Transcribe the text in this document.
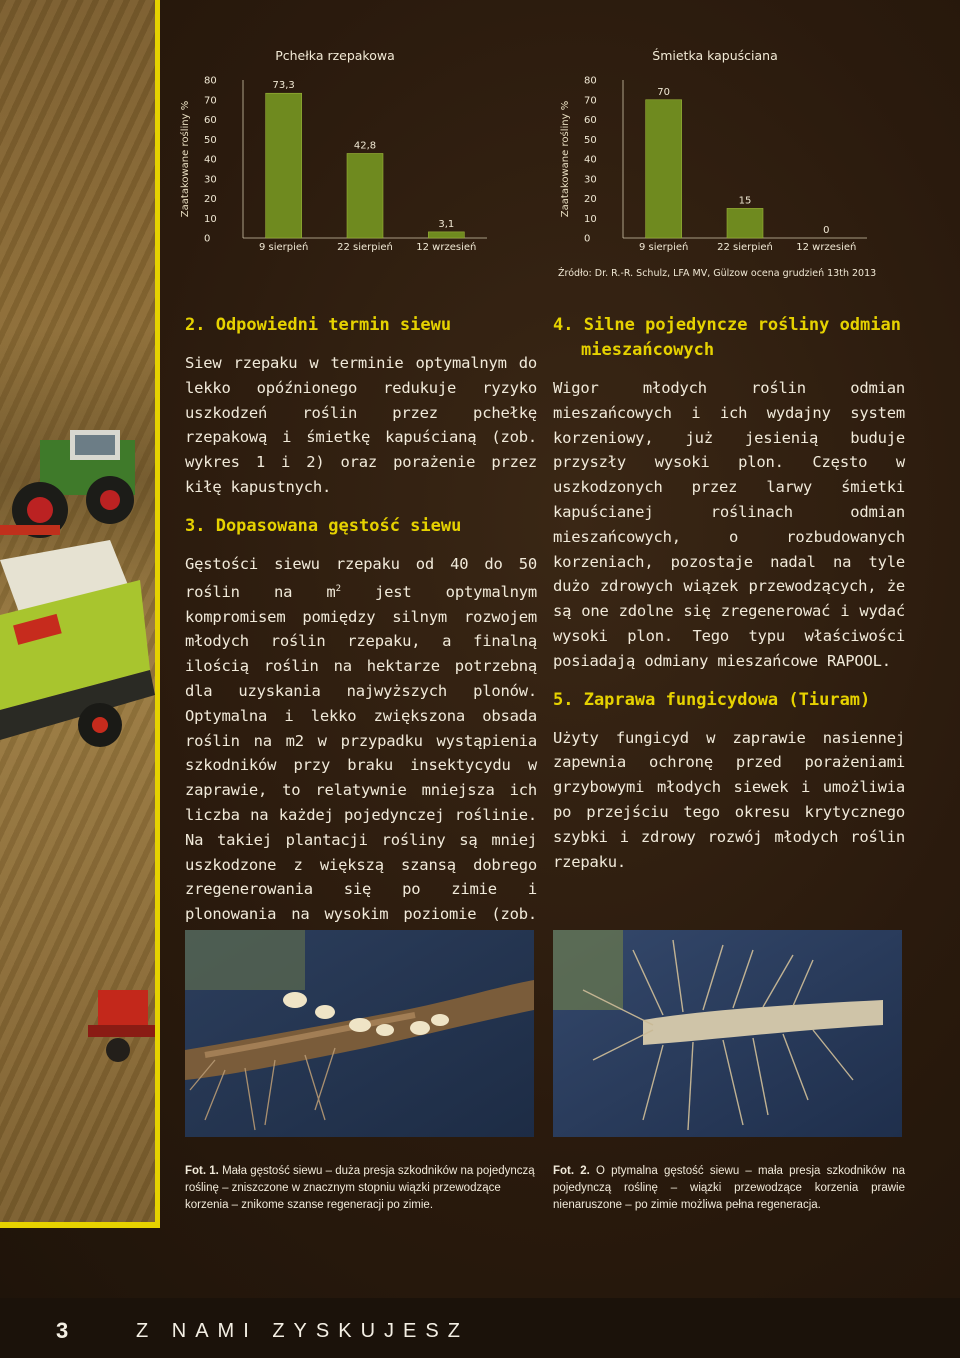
Pchełka rzepakowa
Zaatakowane rośliny %
0
10
20
30
40
50
60
70
80	73,3
9 sierpień
42,8
22 sierpień
3,1
12 wrzesień
Śmietka kapuściana
Zaatakowane rośliny %
0
10
20
30
40
50
60
70
80
70
9 sierpień
15
22 sierpień
0
12 wrzesień
Źródło: Dr. R.-R. Schulz, LFA MV, Gülzow ocena grudzień 13th 2013
2. Odpowiedni termin siewu

Siew rzepaku w terminie optymalnym do lekko opóźnionego redukuje ryzyko uszkodzeń roślin przez pchełkę rzepakową i śmietkę kapuścianą (zob. wykres 1 i 2) oraz porażenie przez kiłę kapustnych.

3. Dopasowana gęstość siewu

Gęstości siewu rzepaku od 40 do 50 roślin na $m^2$ jest optymalnym kompromisem pomiędzy silnym rozwojem młodych roślin rzepaku, a finalną ilością roślin na hektarze potrzebną dla uzyskania najwyższych plonów. Optymalna i lekko zwiększona obsada roślin na m2 w przypadku wystąpienia szkodników przy braku insektycydu w zaprawie, to relatywnie mniejsza ich liczba na każdej pojedynczej roślinie. Na takiej plantacji rośliny są mniej uszkodzone z większą szansą dobrego zregenerowania się po zimie i plonowania na wysokim poziomie (zob.

4. Silne pojedyncze rośliny odmian mieszańcowych

Wigor młodych roślin odmian mieszańcowych i ich wydajny system korzeniowy, już jesienią buduje przyszły wysoki plon. Często w uszkodzonych przez larwy śmietki kapuścianej roślinach odmian mieszańcowych, o rozbudowanych korzeniach, pozostaje nadal na tyle dużo zdrowych wiązek przewodzących, że są one zdolne się zregenerować i wydać wysoki plon. Tego typu właściwości posiadają odmiany mieszańcowe RAPOOL.

5. Zaprawa fungicydowa (Tiuram)

Użyty fungicyd w zaprawie nasiennej zapewnia ochronę przed porażeniami grzybowymi młodych siewek i umożliwia po przejściu tego okresu krytycznego szybki i zdrowy rozwój młodych roślin rzepaku.

Fot. 1. Mała gęstość siewu – duża presja szkodników na pojedynczą roślinę – zniszczone w znacznym stopniu wiązki przewodzące korzenia – znikome szanse regeneracji po zimie.
Fot. 2. O ptymalna gęstość siewu – mała presja szkodników na pojedynczą roślinę – wiązki przewodzące korzenia prawie nienaruszone – po zimie możliwa pełna regeneracja.
3	Z NAMI ZYSKUJESZ
